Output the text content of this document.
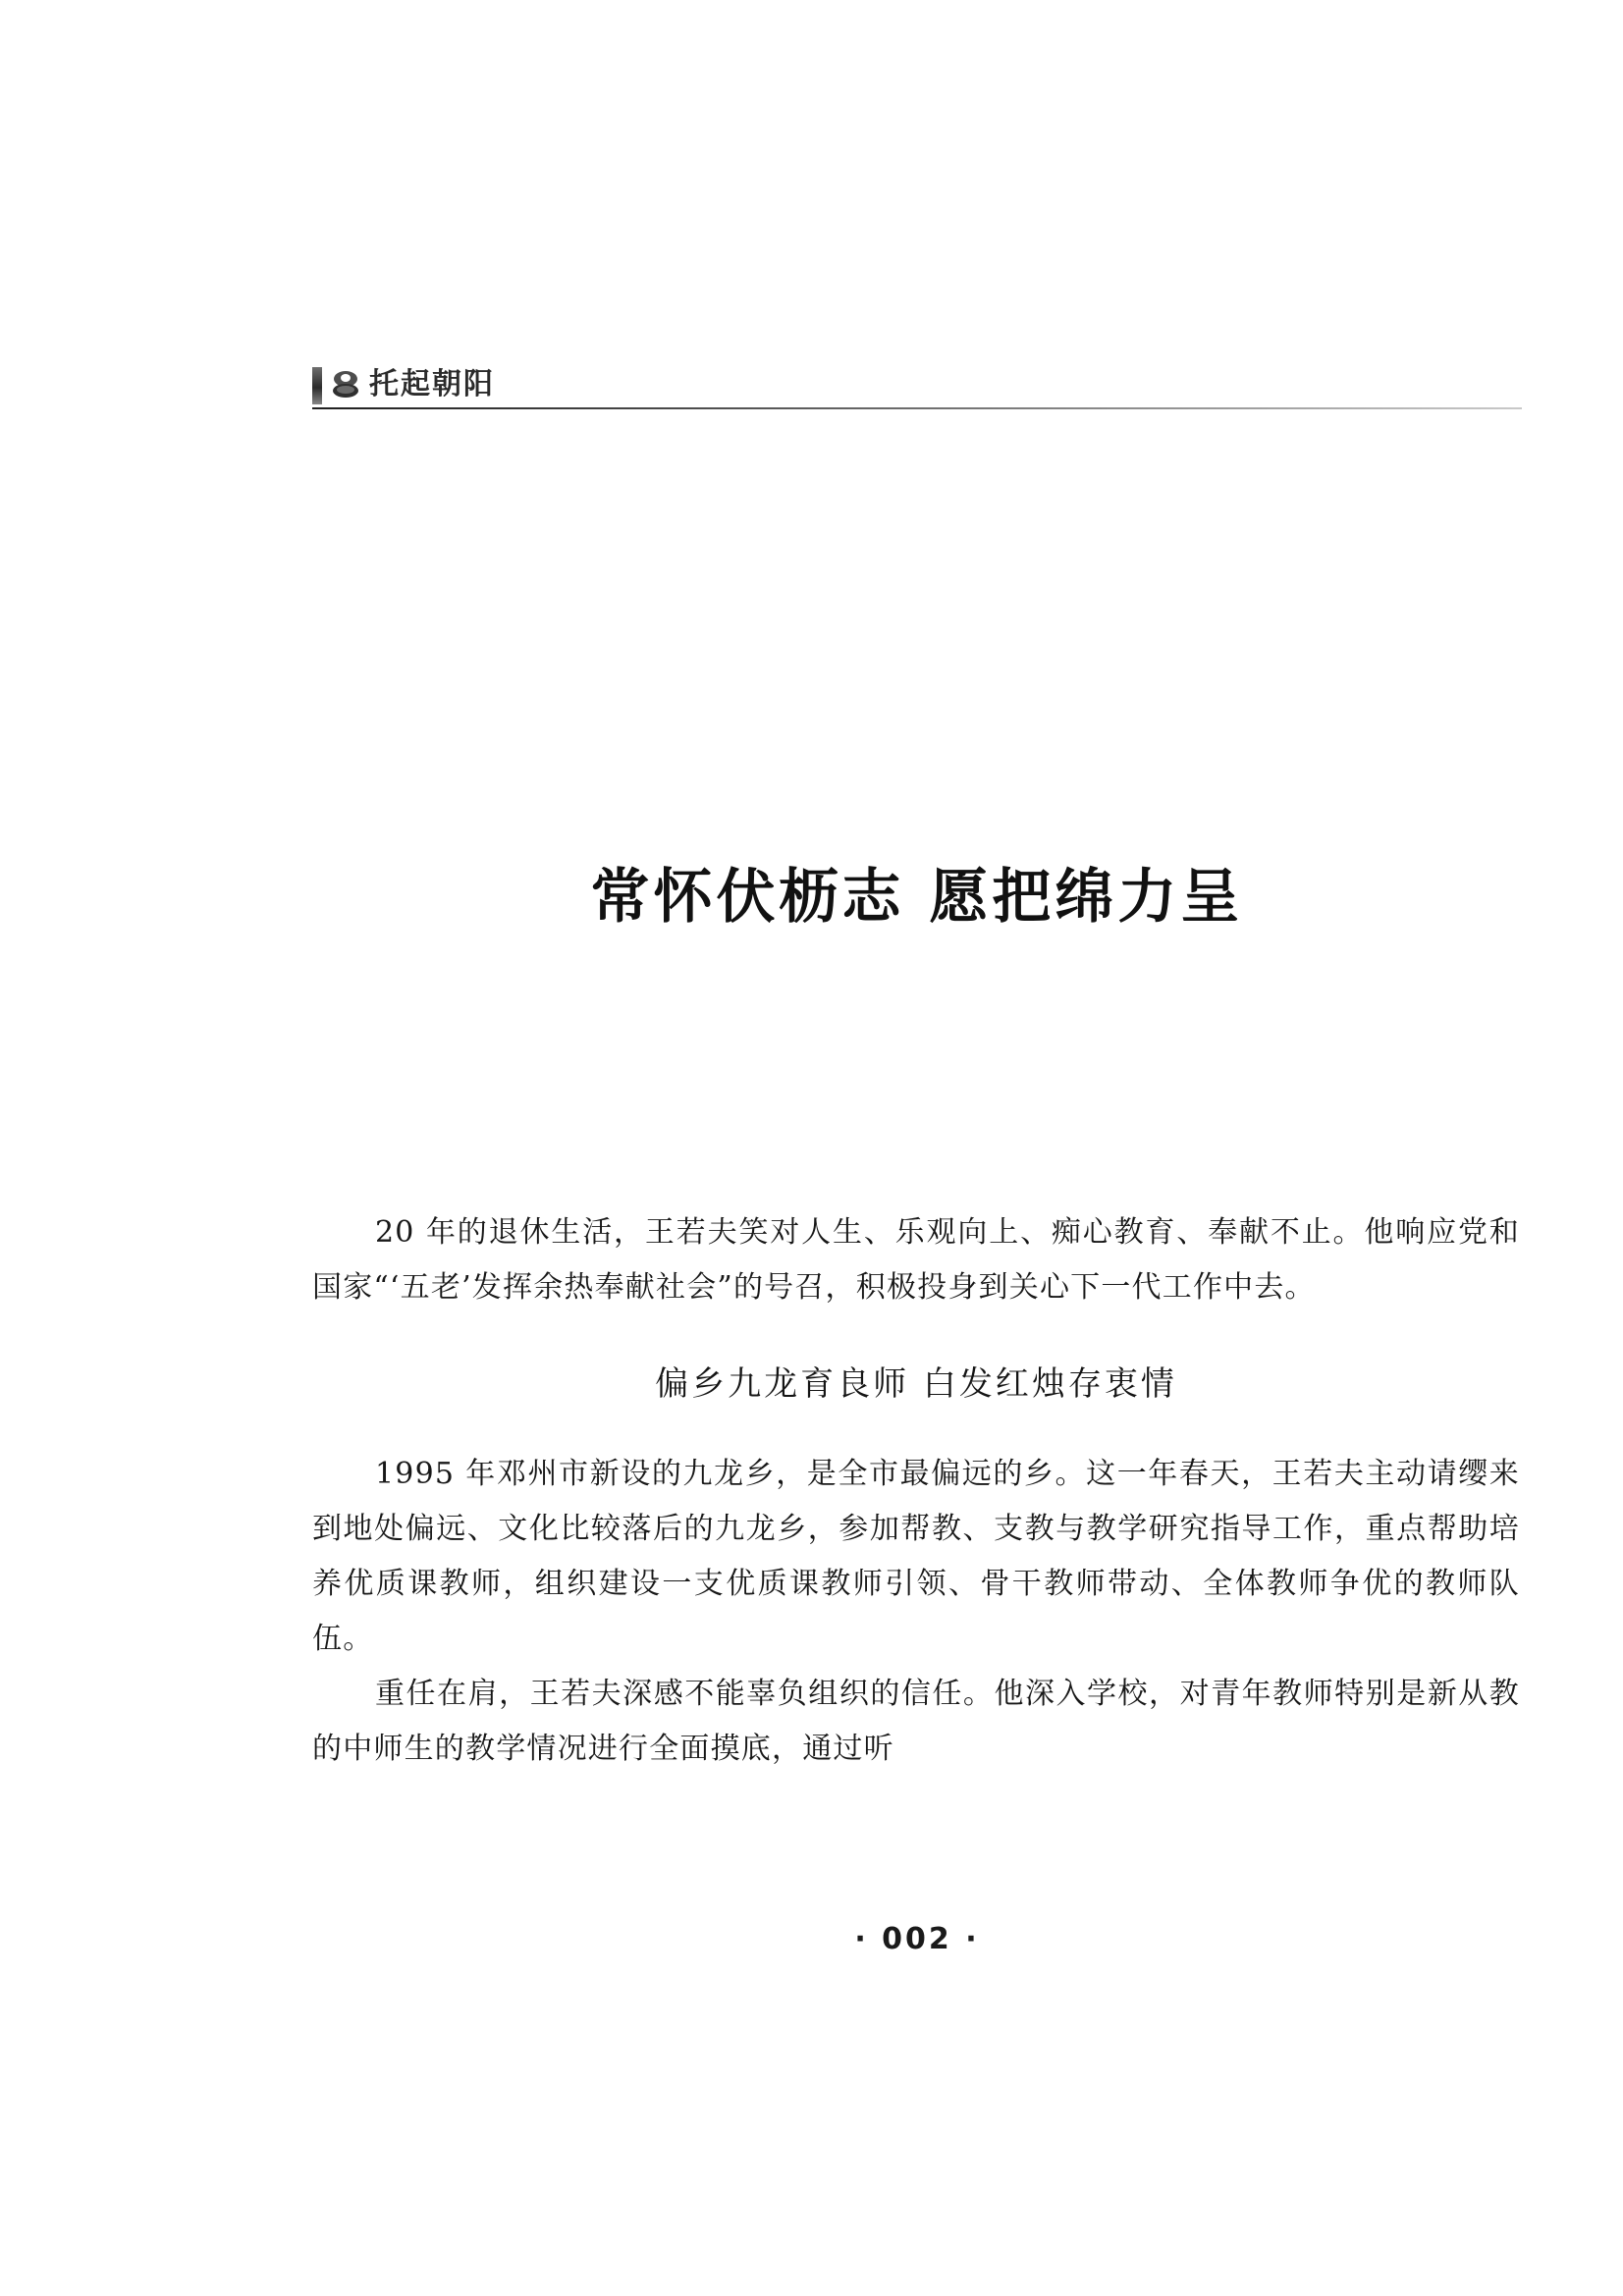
托起朝阳
常怀伏枥志 愿把绵力呈

20 年的退休生活，王若夫笑对人生、乐观向上、痴心教育、奉献不止。他响应党和国家“‘五老’发挥余热奉献社会”的号召，积极投身到关心下一代工作中去。

偏乡九龙育良师 白发红烛存衷情

1995 年邓州市新设的九龙乡，是全市最偏远的乡。这一年春天，王若夫主动请缨来到地处偏远、文化比较落后的九龙乡，参加帮教、支教与教学研究指导工作，重点帮助培养优质课教师，组织建设一支优质课教师引领、骨干教师带动、全体教师争优的教师队伍。

重任在肩，王若夫深感不能辜负组织的信任。他深入学校，对青年教师特别是新从教的中师生的教学情况进行全面摸底，通过听

· 002 ·
